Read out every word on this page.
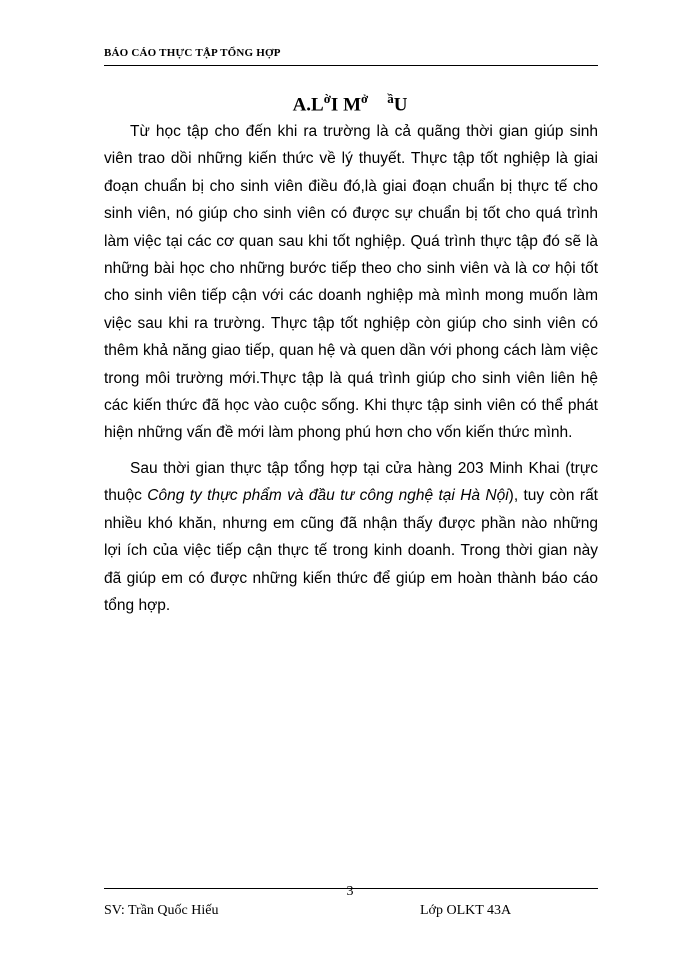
BÁO CÁO THỰC TẬP TỔNG HỢP
$A.L^ờI$ $M^ở$ $^ầ$U

Từ học tập cho đến khi ra trường là cả quãng thời gian giúp sinh viên trao dồi những kiến thức về lý thuyết. Thực tập tốt nghiệp là giai đoạn chuẩn bị cho sinh viên điều đó,là giai đoạn chuẩn bị thực tế cho sinh viên, nó giúp cho sinh viên có được sự chuẩn bị tốt cho quá trình làm việc tại các cơ quan sau khi tốt nghiệp. Quá trình thực tập đó sẽ là những bài học cho những bước tiếp theo cho sinh viên và là cơ hội tốt cho sinh viên tiếp cận với các doanh nghiệp mà mình mong muốn làm việc sau khi ra trường. Thực tập tốt nghiệp còn giúp cho sinh viên có thêm khả năng giao tiếp, quan hệ và quen dần với phong cách làm việc trong môi trường mới.Thực tập là quá trình giúp cho sinh viên liên hệ các kiến thức đã học vào cuộc sống. Khi thực tập sinh viên có thể phát hiện những vấn đề mới làm phong phú hơn cho vốn kiến thức mình.

Sau thời gian thực tập tổng hợp tại cửa hàng 203 Minh Khai (trực thuộc Công ty thực phẩm và đầu tư công nghệ tại Hà Nội), tuy còn rất nhiều khó khăn, nhưng em cũng đã nhận thấy được phần nào những lợi ích của việc tiếp cận thực tế trong kinh doanh. Trong thời gian này đã giúp em có được những kiến thức để giúp em hoàn thành báo cáo tổng hợp.

3
SV: Trần Quốc Hiếu	Lớp OLKT 43A
